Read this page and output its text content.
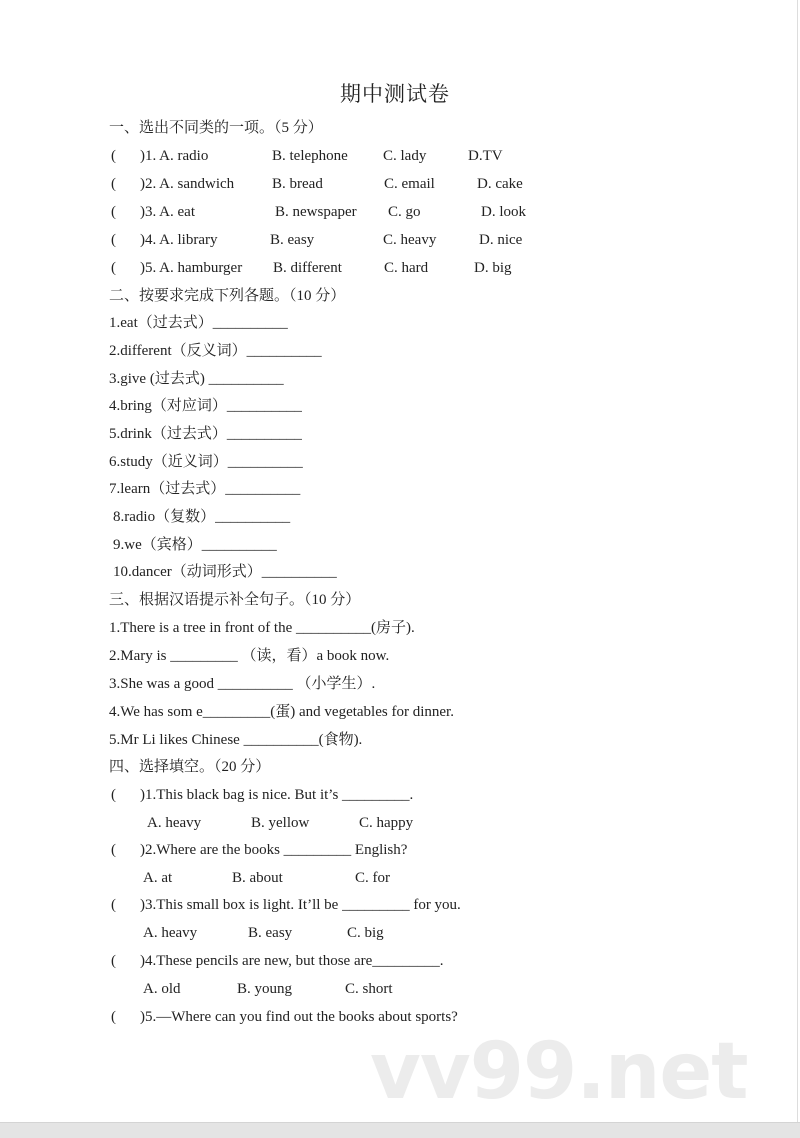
vv99.net
期中测试卷
一、选出不同类的一项。（5 分）
( )1. A. radio	B. telephone C. lady	D.TV
( )2. A. sandwich	B. bread	C. email	D. cake
( )3. A. eat	B. newspaper C. go	D. look
( )4. A. library	B. easy	C. heavy	D. nice
( )5. A. hamburger B. different	C. hard	D. big
二、按要求完成下列各题。（10 分）
1.eat（过去式）__________
2.different（反义词）__________
3.give (过去式) __________
4.bring（对应词）__________
5.drink（过去式）__________
6.study（近义词）__________
7.learn（过去式）__________
8.radio（复数）__________
9.we（宾格）__________
10.dancer（动词形式）__________
三、根据汉语提示补全句子。（10 分）
1.There is a tree in front of the __________(房子).
2.Mary is _________ （读，看）a book now.
3.She was a good __________ （小学生）.
4.We has som e_________(蛋) and vegetables for dinner.
5.Mr Li likes Chinese __________(食物).
四、选择填空。（20 分）
( )1.This black bag is nice. But it’s _________.
A. heavy	B. yellow	C. happy
( )2.Where are the books _________ English?
A. at	B. about	C. for
( )3.This small box is light. It’ll be _________ for you.
A. heavy	B. easy	C. big
( )4.These pencils are new, but those are_________.
A. old	B. young	C. short
( )5.—Where can you find out the books about sports?
